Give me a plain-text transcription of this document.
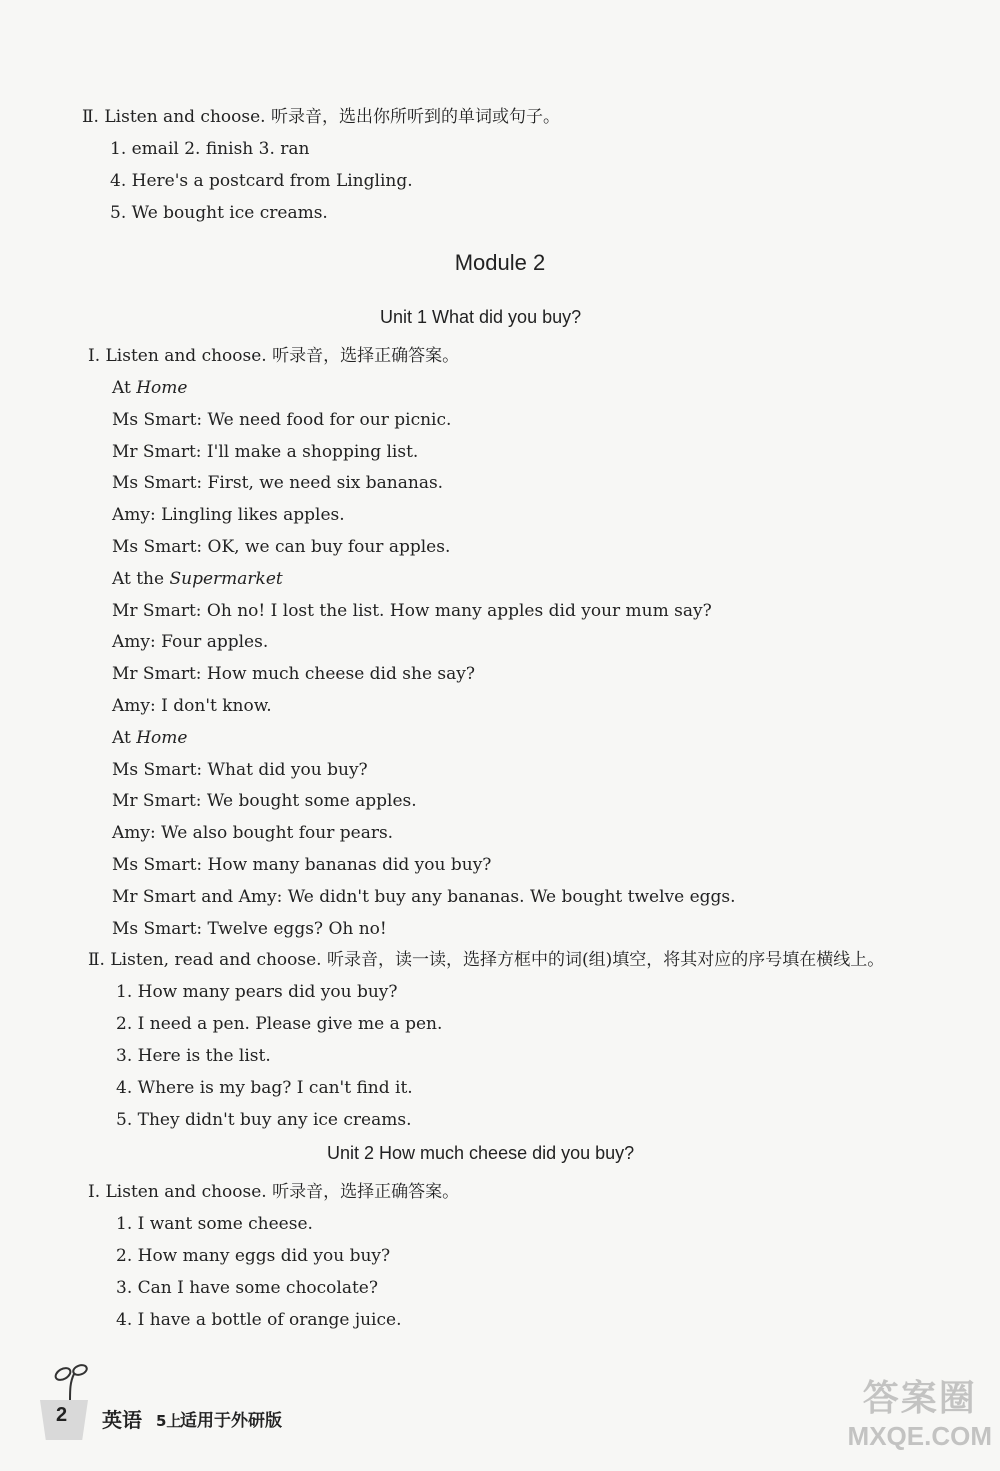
Ⅱ. Listen and choose. 听录音，选出你所听到的单词或句子。
1. email 2. finish 3. ran
4. Here's a postcard from Lingling.
5. We bought ice creams.
Module 2
Unit 1 What did you buy?
Ⅰ. Listen and choose. 听录音，选择正确答案。
At Home
Ms Smart: We need food for our picnic.
Mr Smart: I'll make a shopping list.
Ms Smart: First, we need six bananas.
Amy: Lingling likes apples.
Ms Smart: OK, we can buy four apples.
At the Supermarket
Mr Smart: Oh no! I lost the list. How many apples did your mum say?
Amy: Four apples.
Mr Smart: How much cheese did she say?
Amy: I don't know.
At Home
Ms Smart: What did you buy?
Mr Smart: We bought some apples.
Amy: We also bought four pears.
Ms Smart: How many bananas did you buy?
Mr Smart and Amy: We didn't buy any bananas. We bought twelve eggs.
Ms Smart: Twelve eggs? Oh no!
Ⅱ. Listen, read and choose. 听录音，读一读，选择方框中的词(组)填空，将其对应的序号填在横线上。
1. How many pears did you buy?
2. I need a pen. Please give me a pen.
3. Here is the list.
4. Where is my bag? I can't find it.
5. They didn't buy any ice creams.
Unit 2 How much cheese did you buy?
Ⅰ. Listen and choose. 听录音，选择正确答案。
1. I want some cheese.
2. How many eggs did you buy?
3. Can I have some chocolate?
4. I have a bottle of orange juice.
2 英语 5上
适用于外研版
答案圈
MXQE.COM
